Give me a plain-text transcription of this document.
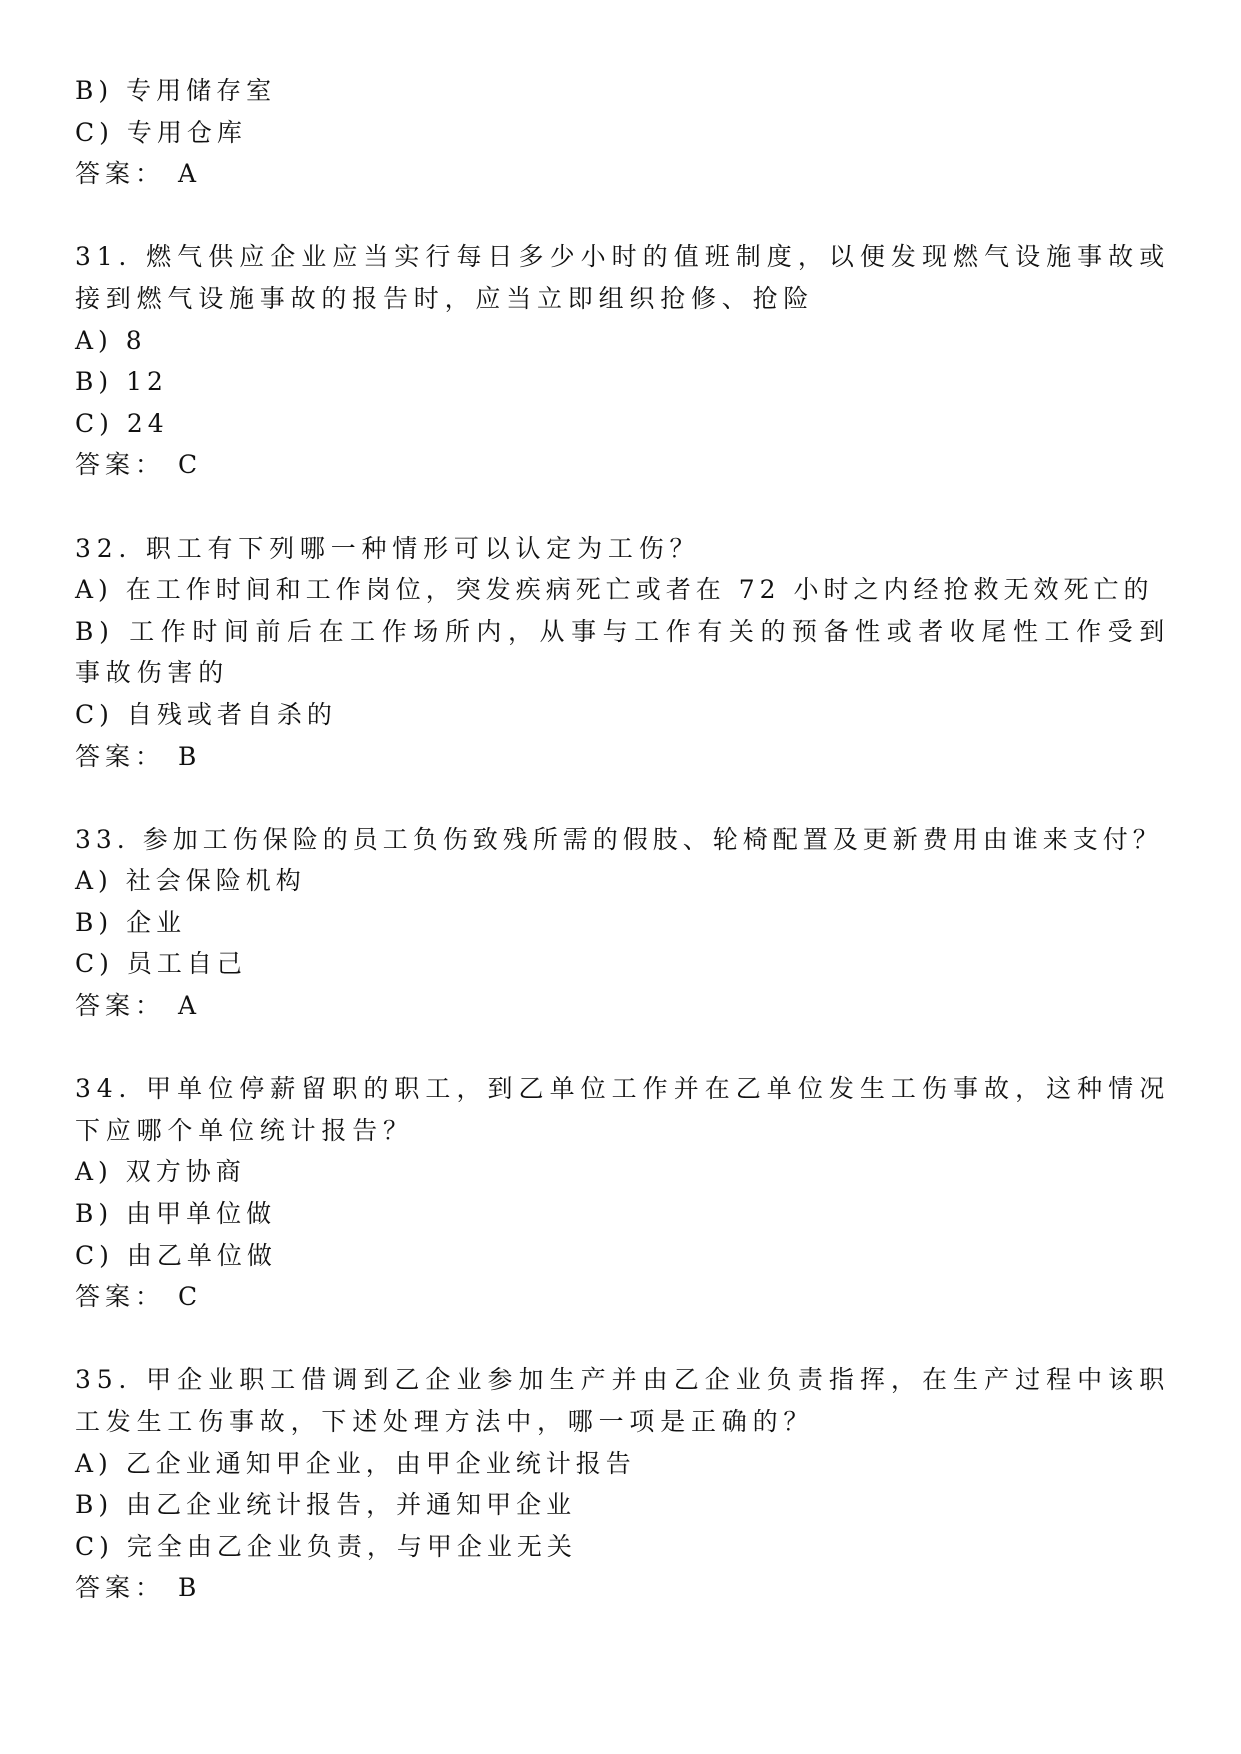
B) 专用储存室
C) 专用仓库
答案： A
31. 燃气供应企业应当实行每日多少小时的值班制度，以便发现燃气设施事故或接到燃气设施事故的报告时，应当立即组织抢修、抢险
A) 8
B) 12
C) 24
答案： C
32. 职工有下列哪一种情形可以认定为工伤？
A) 在工作时间和工作岗位，突发疾病死亡或者在 72 小时之内经抢救无效死亡的
B) 工作时间前后在工作场所内，从事与工作有关的预备性或者收尾性工作受到事故伤害的
C) 自残或者自杀的
答案： B
33. 参加工伤保险的员工负伤致残所需的假肢、轮椅配置及更新费用由谁来支付？
A) 社会保险机构
B) 企业
C) 员工自己
答案： A
34. 甲单位停薪留职的职工，到乙单位工作并在乙单位发生工伤事故，这种情况下应哪个单位统计报告？
A) 双方协商
B) 由甲单位做
C) 由乙单位做
答案： C
35. 甲企业职工借调到乙企业参加生产并由乙企业负责指挥，在生产过程中该职工发生工伤事故，下述处理方法中，哪一项是正确的？
A) 乙企业通知甲企业，由甲企业统计报告
B) 由乙企业统计报告，并通知甲企业
C) 完全由乙企业负责，与甲企业无关
答案： B
